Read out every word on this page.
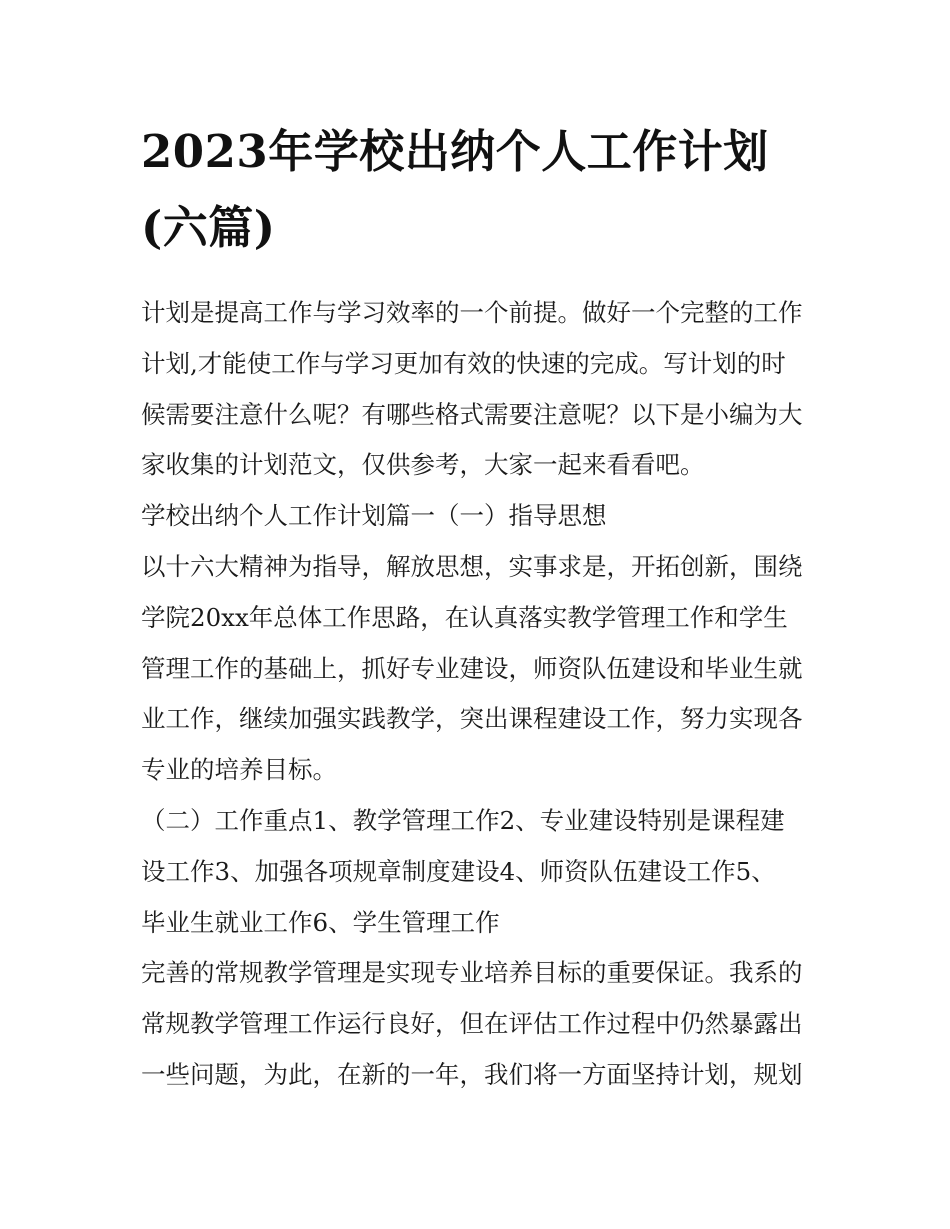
2023年学校出纳个人工作计划
(六篇)
计划是提高工作与学习效率的一个前提。做好一个完整的工作
计划,才能使工作与学习更加有效的快速的完成。写计划的时
候需要注意什么呢？有哪些格式需要注意呢？以下是小编为大
家收集的计划范文，仅供参考，大家一起来看看吧。
学校出纳个人工作计划篇一（一）指导思想
以十六大精神为指导，解放思想，实事求是，开拓创新，围绕
学院20xx年总体工作思路，在认真落实教学管理工作和学生
管理工作的基础上，抓好专业建设，师资队伍建设和毕业生就
业工作，继续加强实践教学，突出课程建设工作，努力实现各
专业的培养目标。
（二）工作重点1、教学管理工作2、专业建设特别是课程建
设工作3、加强各项规章制度建设4、师资队伍建设工作5、
毕业生就业工作6、学生管理工作
完善的常规教学管理是实现专业培养目标的重要保证。我系的
常规教学管理工作运行良好，但在评估工作过程中仍然暴露出
一些问题，为此，在新的一年，我们将一方面坚持计划，规划
